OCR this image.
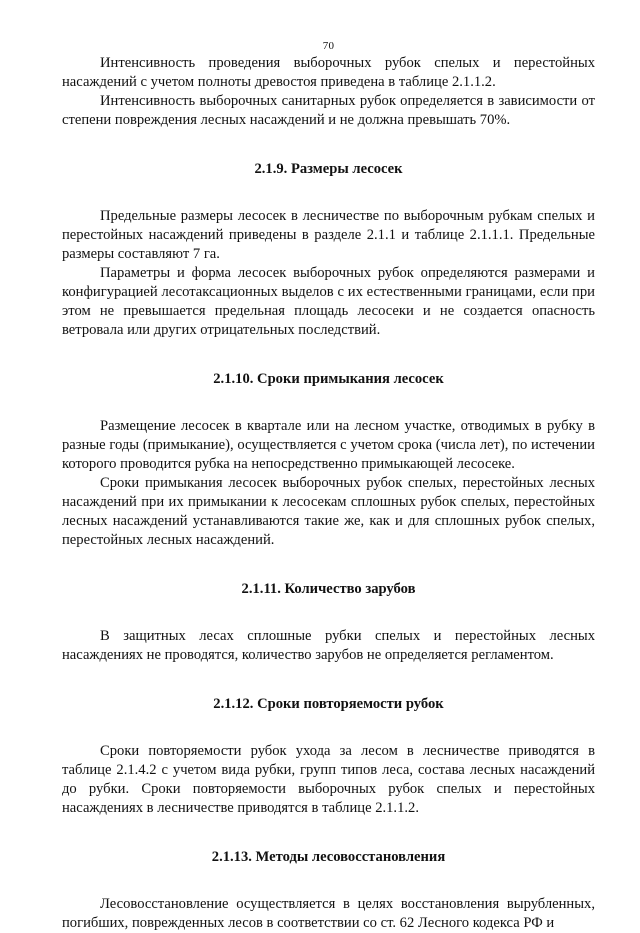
70

Интенсивность проведения выборочных рубок спелых и перестойных насаждений с учетом полноты древостоя приведена в таблице 2.1.1.2.

Интенсивность выборочных санитарных рубок определяется в зависимости от степени повреждения лесных насаждений и не должна превышать 70%.

2.1.9. Размеры лесосек

Предельные размеры лесосек в лесничестве по выборочным рубкам спелых и перестойных насаждений приведены в разделе 2.1.1 и таблице 2.1.1.1. Предельные размеры составляют 7 га.

Параметры и форма лесосек выборочных рубок определяются размерами и конфигурацией лесотаксационных выделов с их естественными границами, если при этом не превышается предельная площадь лесосеки и не создается опасность ветровала или других отрицательных последствий.

2.1.10. Сроки примыкания лесосек

Размещение лесосек в квартале или на лесном участке, отводимых в рубку в разные годы (примыкание), осуществляется с учетом срока (числа лет), по истечении которого проводится рубка на непосредственно примыкающей лесосеке.

Сроки примыкания лесосек выборочных рубок спелых, перестойных лесных насаждений при их примыкании к лесосекам сплошных рубок спелых, перестойных лесных насаждений устанавливаются такие же, как и для сплошных рубок спелых, перестойных лесных насаждений.

2.1.11. Количество зарубов

В защитных лесах сплошные рубки спелых и перестойных лесных насаждениях не проводятся, количество зарубов не определяется регламентом.

2.1.12. Сроки повторяемости рубок

Сроки повторяемости рубок ухода за лесом в лесничестве приводятся в таблице 2.1.4.2 с учетом вида рубки, групп типов леса, состава лесных насаждений до рубки. Сроки повторяемости выборочных рубок спелых и перестойных насаждениях в лесничестве приводятся в таблице 2.1.1.2.

2.1.13. Методы лесовосстановления

Лесовосстановление осуществляется в целях восстановления вырубленных, погибших, поврежденных лесов в соответствии со ст. 62 Лесного кодекса РФ и
